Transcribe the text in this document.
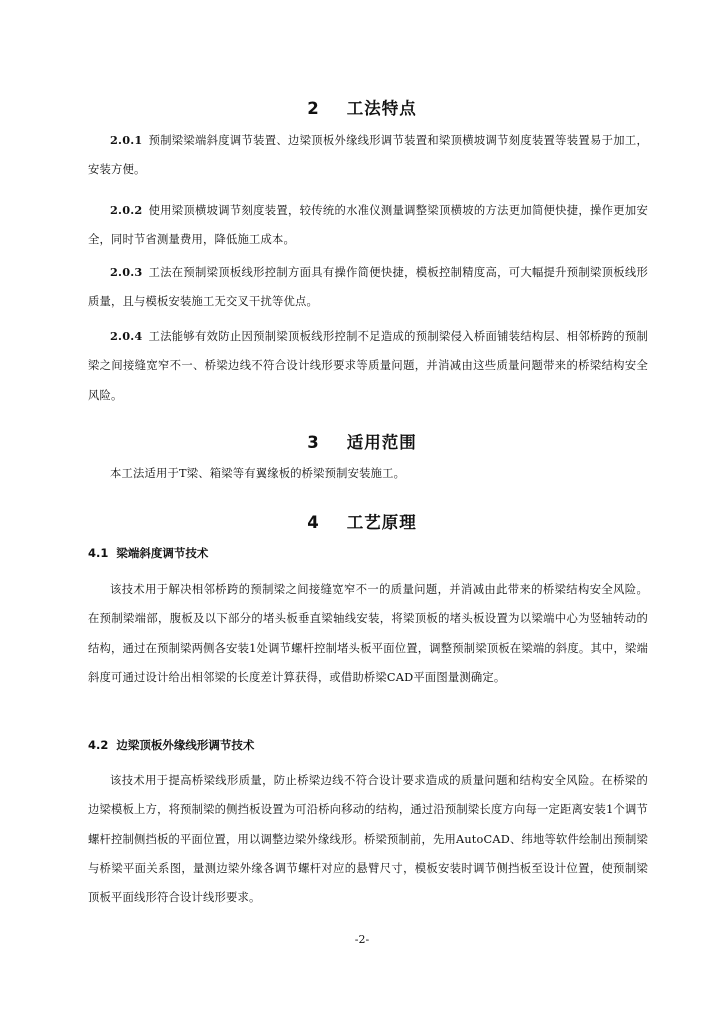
2    工法特点
2.0.1 预制梁梁端斜度调节装置、边梁顶板外缘线形调节装置和梁顶横坡调节刻度装置等装置易于加工，安装方便。
2.0.2 使用梁顶横坡调节刻度装置，较传统的水准仪测量调整梁顶横坡的方法更加简便快捷，操作更加安全，同时节省测量费用，降低施工成本。
2.0.3 工法在预制梁顶板线形控制方面具有操作简便快捷，模板控制精度高，可大幅提升预制梁顶板线形质量，且与模板安装施工无交叉干扰等优点。
2.0.4 工法能够有效防止因预制梁顶板线形控制不足造成的预制梁侵入桥面铺装结构层、相邻桥跨的预制梁之间接缝宽窄不一、桥梁边线不符合设计线形要求等质量问题，并消减由这些质量问题带来的桥梁结构安全风险。
3    适用范围
本工法适用于T梁、箱梁等有翼缘板的桥梁预制安装施工。
4    工艺原理
4.1  梁端斜度调节技术
该技术用于解决相邻桥跨的预制梁之间接缝宽窄不一的质量问题，并消减由此带来的桥梁结构安全风险。在预制梁端部，腹板及以下部分的堵头板垂直梁轴线安装，将梁顶板的堵头板设置为以梁端中心为竖轴转动的结构，通过在预制梁两侧各安装1处调节螺杆控制堵头板平面位置，调整预制梁顶板在梁端的斜度。其中，梁端斜度可通过设计给出相邻梁的长度差计算获得，或借助桥梁CAD平面图量测确定。
4.2  边梁顶板外缘线形调节技术
该技术用于提高桥梁线形质量，防止桥梁边线不符合设计要求造成的质量问题和结构安全风险。在桥梁的边梁模板上方，将预制梁的侧挡板设置为可沿桥向移动的结构，通过沿预制梁长度方向每一定距离安装1个调节螺杆控制侧挡板的平面位置，用以调整边梁外缘线形。桥梁预制前，先用AutoCAD、纬地等软件绘制出预制梁与桥梁平面关系图，量测边梁外缘各调节螺杆对应的悬臂尺寸，模板安装时调节侧挡板至设计位置，使预制梁顶板平面线形符合设计线形要求。
-2-
